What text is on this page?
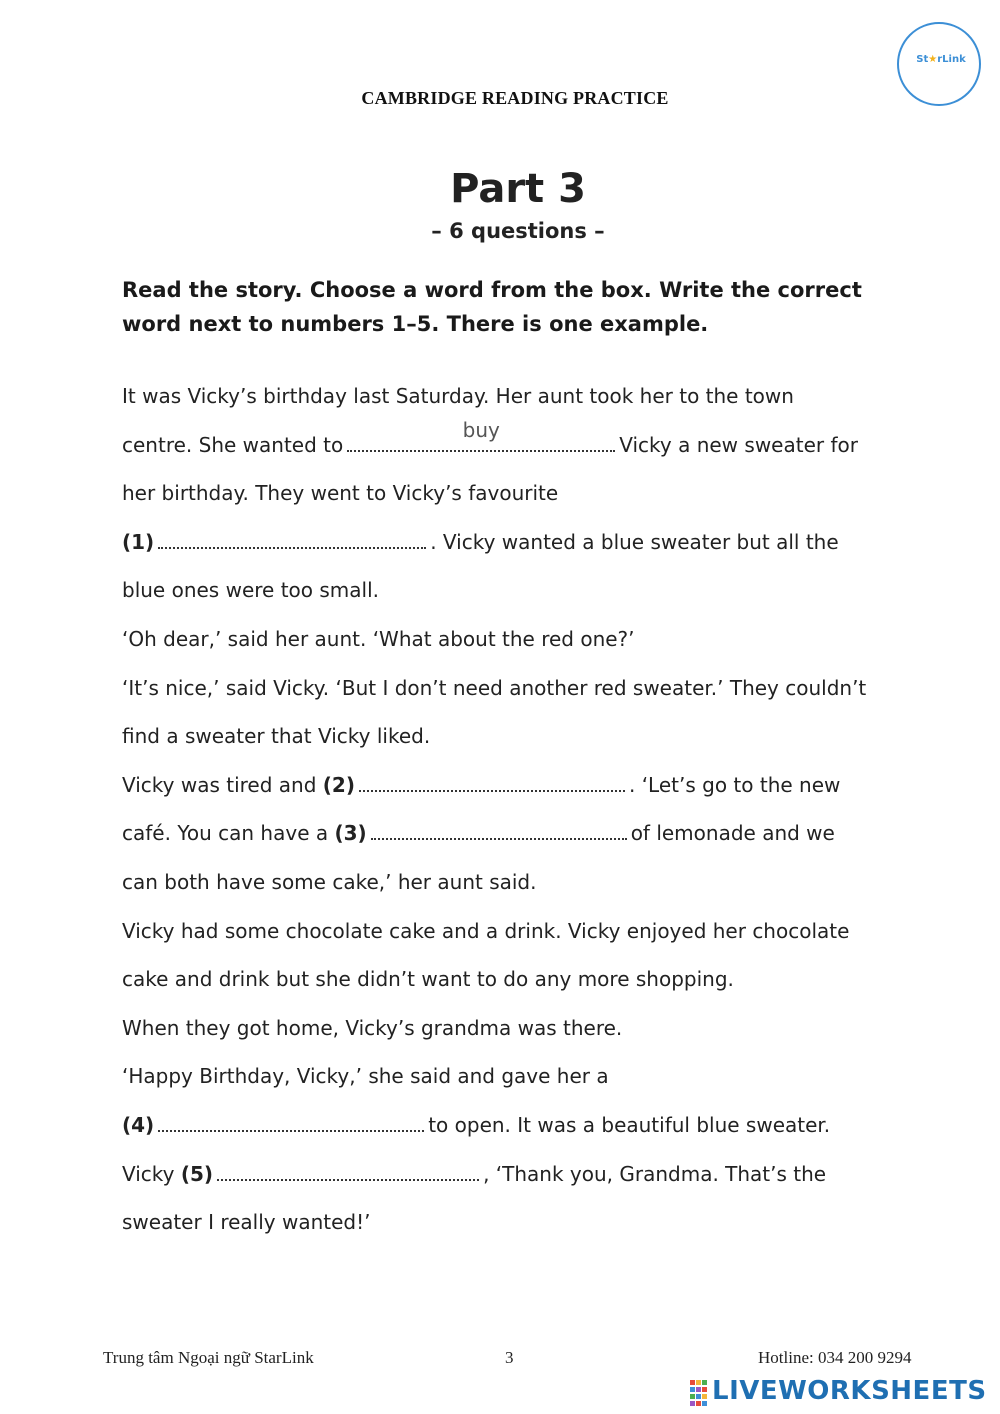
CAMBRIDGE READING PRACTICE
St★rLink
Part 3
– 6 questions –
Read the story. Choose a word from the box. Write the correct
word next to numbers 1–5. There is one example.

It was Vicky’s birthday last Saturday. Her aunt took her to the town

centre. She wanted to
buy
Vicky a new sweater for

her birthday. They went to Vicky’s favourite

(1)	. Vicky wanted a blue sweater but all the

blue ones were too small.

‘Oh dear,’ said her aunt. ‘What about the red one?’

‘It’s nice,’ said Vicky. ‘But I don’t need another red sweater.’ They couldn’t

find a sweater that Vicky liked.

Vicky was tired and (2)	. ‘Let’s go to the new

café. You can have a (3)	of lemonade and we

can both have some cake,’ her aunt said.

Vicky had some chocolate cake and a drink. Vicky enjoyed her chocolate

cake and drink but she didn’t want to do any more shopping.

When they got home, Vicky’s grandma was there.

‘Happy Birthday, Vicky,’ she said and gave her a

(4)	to open. It was a beautiful blue sweater.

Vicky (5)	, ‘Thank you, Grandma. That’s the

sweater I really wanted!’

Trung tâm Ngoại ngữ StarLink	3	Hotline: 034 200 9294
LIVEWORKSHEETS
